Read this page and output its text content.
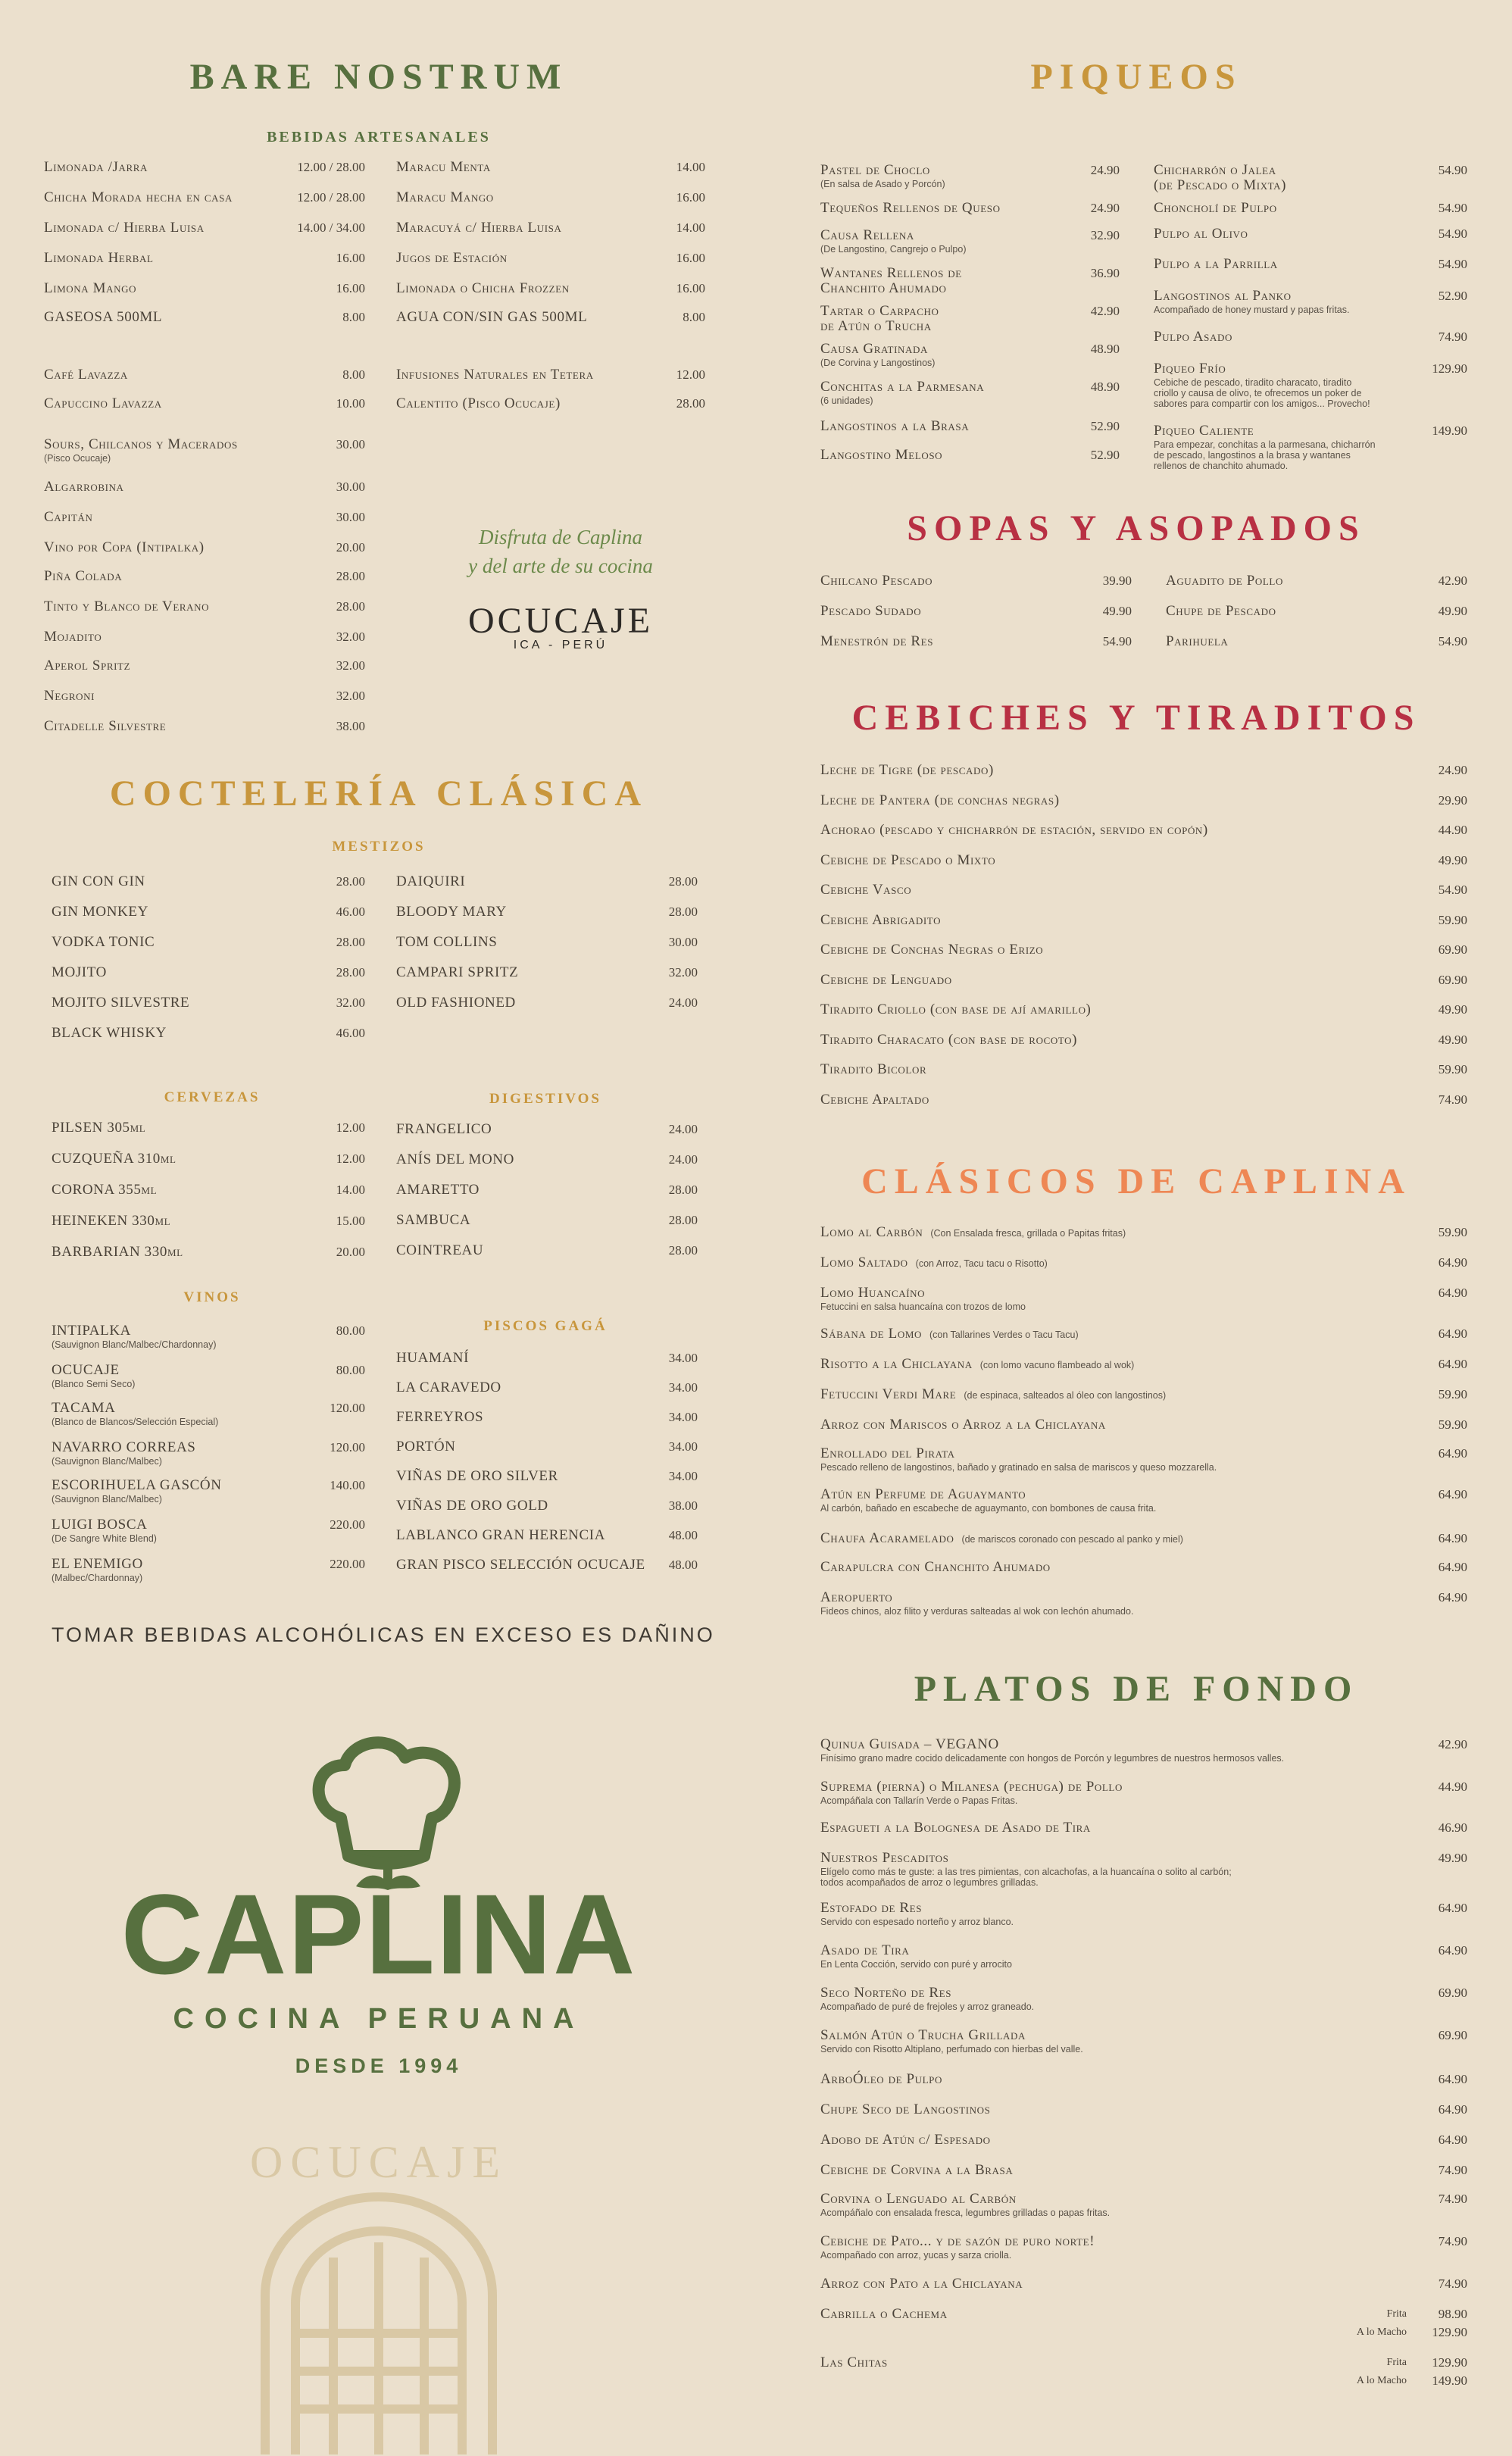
BARE NOSTRUM
BEBIDAS ARTESANALES
Limonada /Jarra	12.00 / 28.00
Chicha Morada hecha en casa	12.00 / 28.00
Limonada c/ Hierba Luisa	14.00 / 34.00
Limonada Herbal	16.00
Limona Mango	16.00
GASEOSA 500ML	8.00
Café Lavazza	8.00
Capuccino Lavazza	10.00
Sours, Chilcanos y Macerados
(Pisco Ocucaje)
30.00
Algarrobina	30.00
Capitán	30.00
Vino por Copa (Intipalka)	20.00
Piña Colada	28.00
Tinto y Blanco de Verano	28.00
Mojadito	32.00
Aperol Spritz	32.00
Negroni	32.00
Citadelle Silvestre	38.00
Maracu Menta	14.00
Maracu Mango	16.00
Maracuyá c/ Hierba Luisa	14.00
Jugos de Estación	16.00
Limonada o Chicha Frozzen	16.00
AGUA CON/SIN GAS 500ML	8.00
Infusiones Naturales en Tetera	12.00
Calentito (Pisco Ocucaje)	28.00
Disfruta de Caplina
y del arte de su cocina
OCUCAJE
ICA - PERÚ
COCTELERÍA CLÁSICA
MESTIZOS
GIN CON GIN	28.00
GIN MONKEY	46.00
VODKA TONIC	28.00
MOJITO	28.00
MOJITO SILVESTRE	32.00
BLACK WHISKY	46.00
DAIQUIRI	28.00
BLOODY MARY	28.00
TOM COLLINS	30.00
CAMPARI SPRITZ	32.00
OLD FASHIONED	24.00
CERVEZAS	DIGESTIVOS
PILSEN 305ml	12.00
CUZQUEÑA 310ml	12.00
CORONA 355ml	14.00
HEINEKEN 330ml	15.00
BARBARIAN 330ml	20.00
FRANGELICO	24.00
ANÍS DEL MONO	24.00
AMARETTO	28.00
SAMBUCA	28.00
COINTREAU	28.00
VINOS
PISCOS GAGÁ
INTIPALKA
(Sauvignon Blanc/Malbec/Chardonnay)
80.00
OCUCAJE
(Blanco Semi Seco)
80.00
TACAMA
(Blanco de Blancos/Selección Especial)
120.00
NAVARRO CORREAS
(Sauvignon Blanc/Malbec)
120.00
ESCORIHUELA GASCÓN
(Sauvignon Blanc/Malbec)
140.00
LUIGI BOSCA
(De Sangre White Blend)
220.00
EL ENEMIGO
(Malbec/Chardonnay)
220.00
HUAMANÍ	34.00
LA CARAVEDO	34.00
FERREYROS	34.00
PORTÓN	34.00
VIÑAS DE ORO SILVER	34.00
VIÑAS DE ORO GOLD	38.00
LABLANCO GRAN HERENCIA	48.00
GRAN PISCO SELECCIÓN OCUCAJE 48.00
TOMAR BEBIDAS ALCOHÓLICAS EN EXCESO ES DAÑINO
CAPLINA
COCINA PERUANA
DESDE 1994
OCUCAJE
PIQUEOS
Pastel de Choclo
(En salsa de Asado y Porcón)
24.90
Tequeños Rellenos de Queso	24.90
Causa Rellena
(De Langostino, Cangrejo o Pulpo)
32.90
Wantanes Rellenos de
Chanchito Ahumado
36.90
Tartar o Carpacho
de Atún o Trucha
42.90
Causa Gratinada
(De Corvina y Langostinos)
48.90
Conchitas a la Parmesana
(6 unidades)
48.90
Langostinos a la Brasa	52.90
Langostino Meloso	52.90
Chicharrón o Jalea
(de Pescado o Mixta)
54.90
Choncholí de Pulpo	54.90
Pulpo al Olivo	54.90
Pulpo a la Parrilla	54.90
Langostinos al Panko
Acompañado de honey mustard y papas fritas.
52.90
Pulpo Asado	74.90
Piqueo Frío
Cebiche de pescado, tiradito characato, tiradito
criollo y causa de olivo, te ofrecemos un poker de
sabores para compartir con los amigos... Provecho!
129.90
Piqueo Caliente
Para empezar, conchitas a la parmesana, chicharrón
de pescado, langostinos a la brasa y wantanes
rellenos de chanchito ahumado.
149.90
SOPAS Y ASOPADOS
Chilcano Pescado	39.90
Pescado Sudado	49.90
Menestrón de Res	54.90
Aguadito de Pollo	42.90
Chupe de Pescado	49.90
Parihuela	54.90
CEBICHES Y TIRADITOS
Leche de Tigre (de pescado)	24.90
Leche de Pantera (de conchas negras)	29.90
Achorao (pescado y chicharrón de estación, servido en copón)	44.90
Cebiche de Pescado o Mixto	49.90
Cebiche Vasco	54.90
Cebiche Abrigadito	59.90
Cebiche de Conchas Negras o Erizo	69.90
Cebiche de Lenguado	69.90
Tiradito Criollo (con base de ají amarillo)	49.90
Tiradito Characato (con base de rocoto)	49.90
Tiradito Bicolor	59.90
Cebiche Apaltado	74.90
CLÁSICOS DE CAPLINA
Lomo al Carbón (Con Ensalada fresca, grillada o Papitas fritas)	59.90
Lomo Saltado (con Arroz, Tacu tacu o Risotto)	64.90
Lomo Huancaíno
Fetuccini en salsa huancaína con trozos de lomo
64.90
Sábana de Lomo (con Tallarines Verdes o Tacu Tacu)	64.90
Risotto a la Chiclayana (con lomo vacuno flambeado al wok)	64.90
Fetuccini Verdi Mare (de espinaca, salteados al óleo con langostinos)	59.90
Arroz con Mariscos o Arroz a la Chiclayana	59.90
Enrollado del Pirata
Pescado relleno de langostinos, bañado y gratinado en salsa de mariscos y queso mozzarella.
64.90
Atún en Perfume de Aguaymanto
Al carbón, bañado en escabeche de aguaymanto, con bombones de causa frita.
64.90
Chaufa Acaramelado (de mariscos coronado con pescado al panko y miel)	64.90
Carapulcra con Chanchito Ahumado	64.90
Aeropuerto
Fideos chinos, aloz filito y verduras salteadas al wok con lechón ahumado.
64.90
PLATOS DE FONDO
Quinua Guisada – VEGANO
Finísimo grano madre cocido delicadamente con hongos de Porcón y legumbres de nuestros hermosos valles.
42.90
Suprema (pierna) o Milanesa (pechuga) de Pollo
Acompáñala con Tallarín Verde o Papas Fritas.
44.90
Espagueti a la Bolognesa de Asado de Tira	46.90
Nuestros Pescaditos
Elígelo como más te guste: a las tres pimientas, con alcachofas, a la huancaína o solito al carbón;
todos acompañados de arroz o legumbres grilladas.
49.90
Estofado de Res
Servido con espesado norteño y arroz blanco.
64.90
Asado de Tira
En Lenta Cocción, servido con puré y arrocito
64.90
Seco Norteño de Res
Acompañado de puré de frejoles y arroz graneado.
69.90
Salmón Atún o Trucha Grillada
Servido con Risotto Altiplano, perfumado con hierbas del valle.
69.90
ArboÓleo de Pulpo	64.90
Chupe Seco de Langostinos	64.90
Adobo de Atún c/ Espesado	64.90
Cebiche de Corvina a la Brasa	74.90
Corvina o Lenguado al Carbón
Acompáñalo con ensalada fresca, legumbres grilladas o papas fritas.
74.90
Cebiche de Pato... y de sazón de puro norte!
Acompañado con arroz, yucas y sarza criolla.
74.90
Arroz con Pato a la Chiclayana	74.90
Cabrilla o Cachema	Frita 98.90
A lo Macho 129.90
Las Chitas	Frita 129.90
A lo Macho 149.90
